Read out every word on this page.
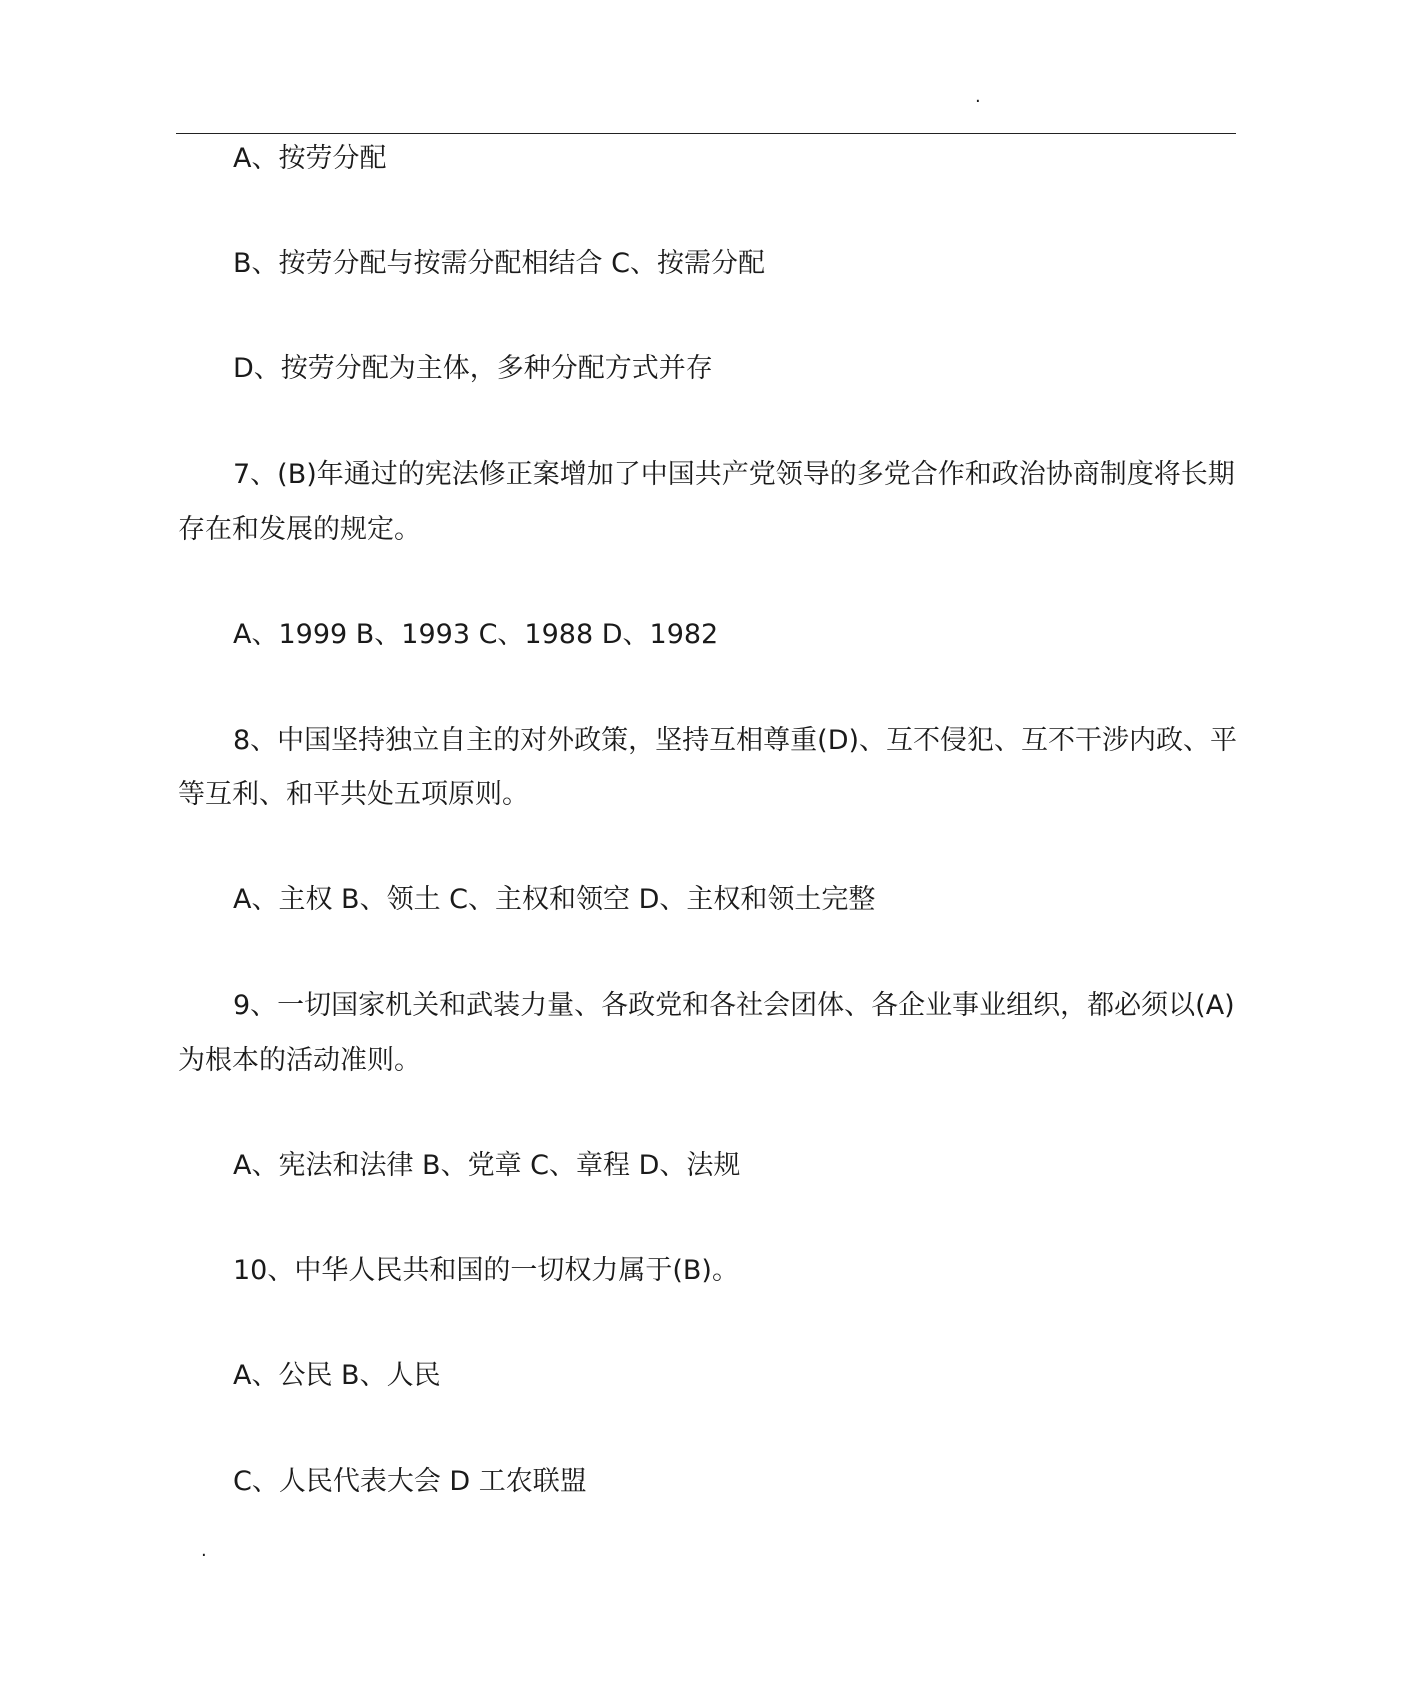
.
A、按劳分配
B、按劳分配与按需分配相结合 C、按需分配
D、按劳分配为主体，多种分配方式并存
7、(B)年通过的宪法修正案增加了中国共产党领导的多党合作和政治协商制度将长期
存在和发展的规定。
A、1999 B、1993 C、1988 D、1982
8、中国坚持独立自主的对外政策，坚持互相尊重(D)、互不侵犯、互不干涉内政、平
等互利、和平共处五项原则。
A、主权 B、领土 C、主权和领空 D、主权和领土完整
9、一切国家机关和武装力量、各政党和各社会团体、各企业事业组织，都必须以(A)
为根本的活动准则。
A、宪法和法律 B、党章 C、章程 D、法规
10、中华人民共和国的一切权力属于(B)。
A、公民 B、人民
C、人民代表大会 D 工农联盟
.
